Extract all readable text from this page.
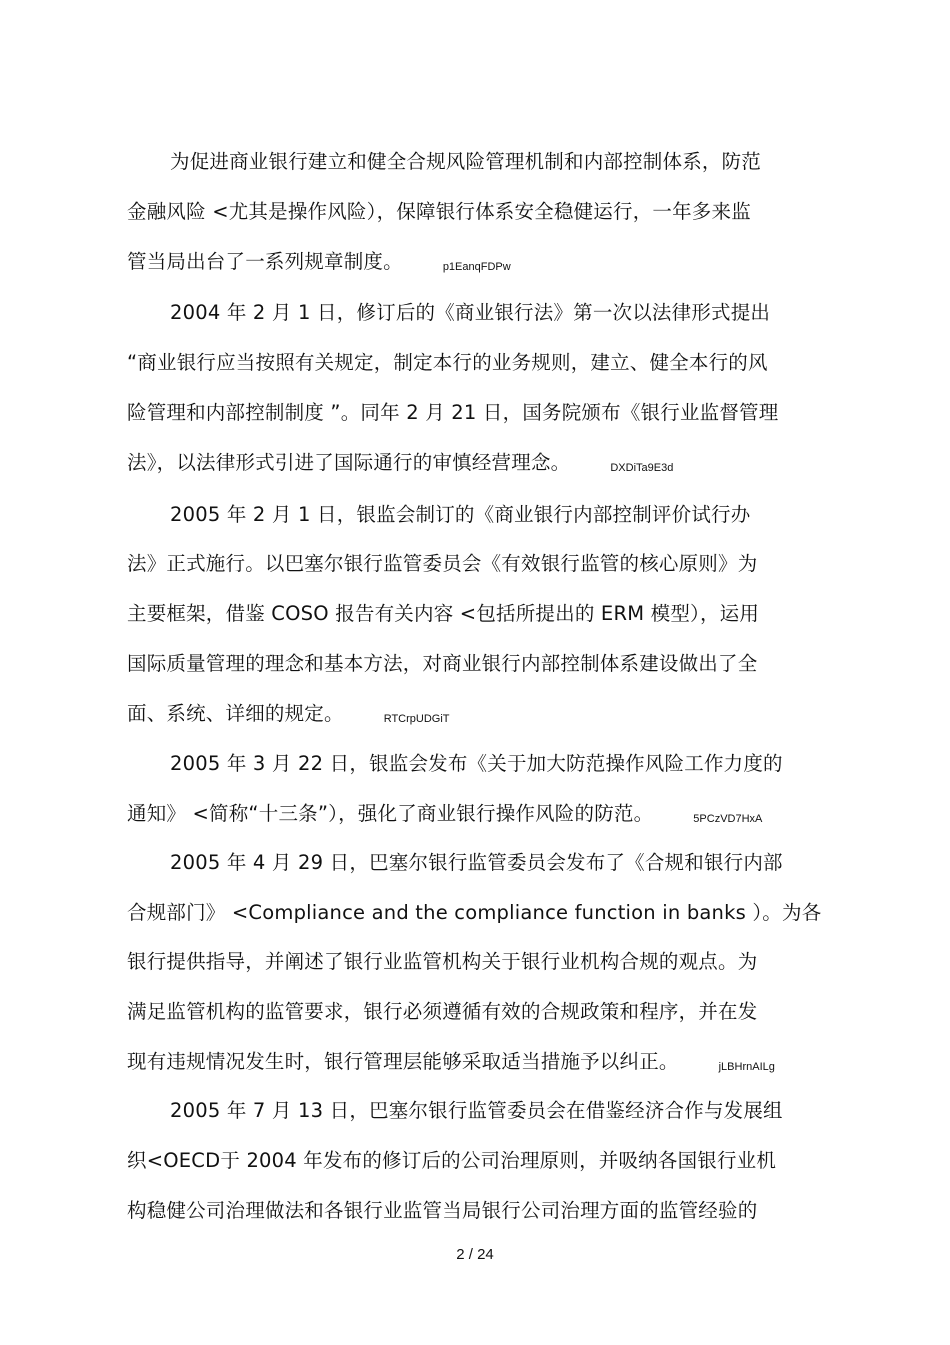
为促进商业银行建立和健全合规风险管理机制和内部控制体系，防范
金融风险 <尤其是操作风险），保障银行体系安全稳健运行，一年多来监
管当局出台了一系列规章制度。	p1EanqFDPw
2004 年 2 月 1 日，修订后的《商业银行法》第一次以法律形式提出
“商业银行应当按照有关规定，制定本行的业务规则，建立、健全本行的风
险管理和内部控制制度 ”。同年 2 月 21 日，国务院颁布《银行业监督管理
法》，以法律形式引进了国际通行的审慎经营理念。	DXDiTa9E3d
2005 年 2 月 1 日，银监会制订的《商业银行内部控制评价试行办
法》正式施行。以巴塞尔银行监管委员会《有效银行监管的核心原则》为
主要框架，借鉴 COSO 报告有关内容 <包括所提出的 ERM 模型），运用
国际质量管理的理念和基本方法，对商业银行内部控制体系建设做出了全
面、系统、详细的规定。	RTCrpUDGiT
2005 年 3 月 22 日，银监会发布《关于加大防范操作风险工作力度的
通知》 <简称“十三条”），强化了商业银行操作风险的防范。	5PCzVD7HxA
2005 年 4 月 29 日，巴塞尔银行监管委员会发布了《合规和银行内部
合规部门》 <Compliance and the compliance function in banks ）。为各
银行提供指导，并阐述了银行业监管机构关于银行业机构合规的观点。为
满足监管机构的监管要求，银行必须遵循有效的合规政策和程序，并在发
现有违规情况发生时，银行管理层能够采取适当措施予以纠正。	jLBHrnAILg
2005 年 7 月 13 日，巴塞尔银行监管委员会在借鉴经济合作与发展组
织<OECD于 2004 年发布的修订后的公司治理原则，并吸纳各国银行业机
构稳健公司治理做法和各银行业监管当局银行公司治理方面的监管经验的
2 / 24
